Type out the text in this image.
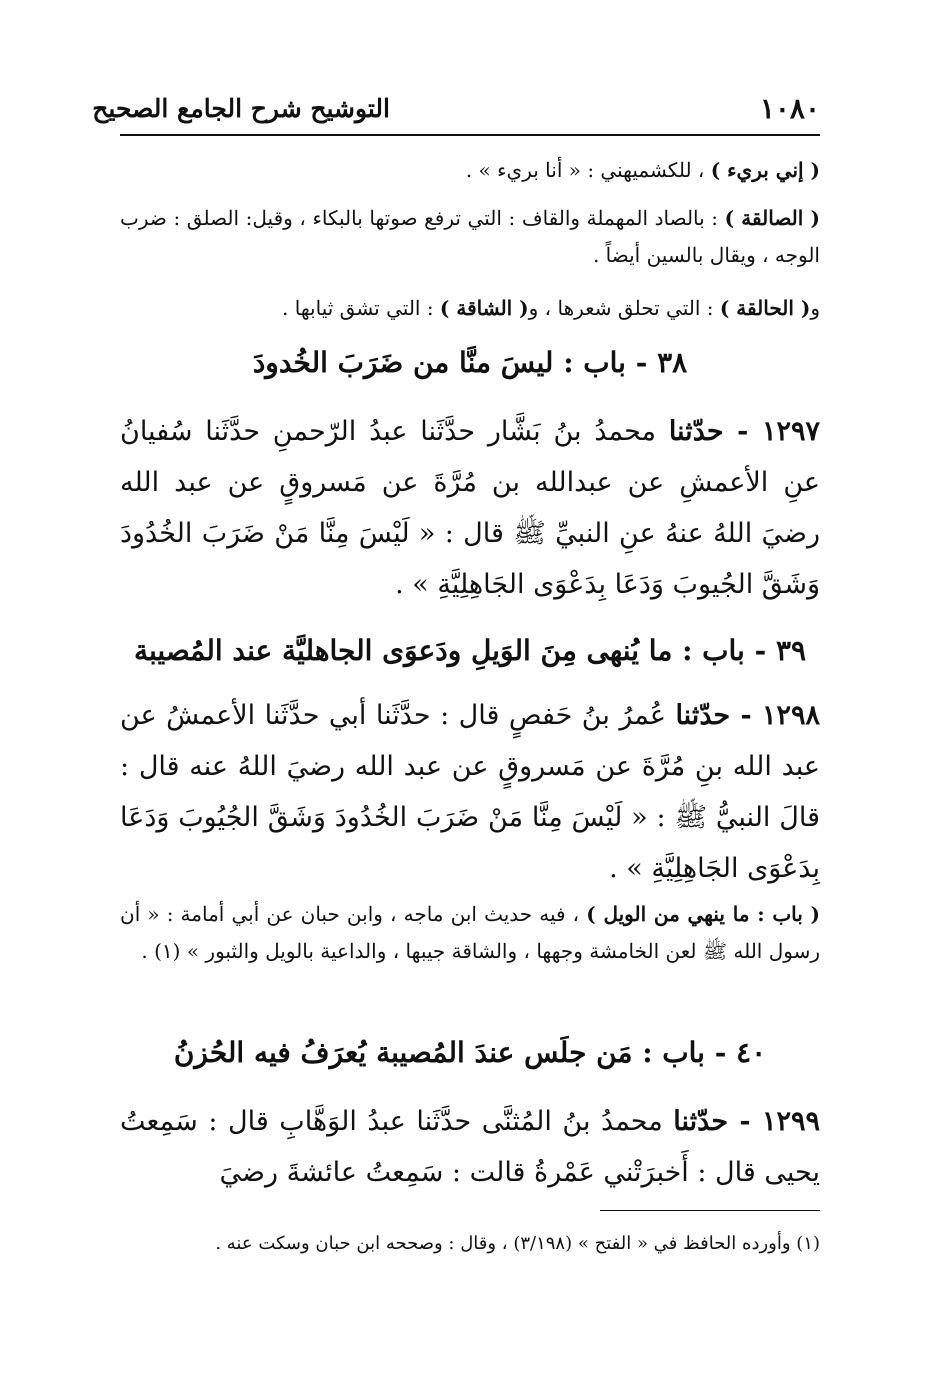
١٠٨٠
التوشيح شرح الجامع الصحيح

( إني بريء ) ، للكشميهني : « أنا بريء » .

( الصالقة ) : بالصاد المهملة والقاف : التي ترفع صوتها بالبكاء ، وقيل: الصلق : ضرب الوجه ، ويقال بالسين أيضاً .

و( الحالقة ) : التي تحلق شعرها ، و( الشاقة ) : التي تشق ثيابها .

٣٨ - باب : ليسَ منَّا من ضَرَبَ الخُدودَ

١٢٩٧ - حدّثنا محمدُ بنُ بَشَّار حدَّثَنا عبدُ الرّحمنِ حدَّثَنا سُفيانُ عنِ الأعمشِ عن عبدالله بن مُرَّةَ عن مَسروقٍ عن عبد الله رضيَ اللهُ عنهُ عنِ النبيِّ ﷺ قال : « لَيْسَ مِنَّا مَنْ ضَرَبَ الخُدُودَ وَشَقَّ الجُيوبَ وَدَعَا بِدَعْوَى الجَاهِلِيَّةِ » .

٣٩ - باب : ما يُنهى مِنَ الوَيلِ ودَعوَى الجاهليَّة عند المُصيبة

١٢٩٨ - حدّثنا عُمرُ بنُ حَفصٍ قال : حدَّثَنا أبي حدَّثَنا الأعمشُ عن عبد الله بنِ مُرَّةَ عن مَسروقٍ عن عبد الله رضيَ اللهُ عنه قال : قالَ النبيُّ ﷺ : « لَيْسَ مِنَّا مَنْ ضَرَبَ الخُدُودَ وَشَقَّ الجُيُوبَ وَدَعَا بِدَعْوَى الجَاهِلِيَّةِ » .

( باب : ما ينهي من الويل ) ، فيه حديث ابن ماجه ، وابن حبان عن أبي أمامة : « أن رسول الله ﷺ لعن الخامشة وجهها ، والشاقة جيبها ، والداعية بالويل والثبور » (١) .

٤٠ - باب : مَن جلَس عندَ المُصيبة يُعرَفُ فيه الحُزنُ

١٢٩٩ - حدّثنا محمدُ بنُ المُثنَّى حدَّثَنا عبدُ الوَهَّابِ قال : سَمِعتُ يحيى قال : أَخبرَتْني عَمْرةُ قالت : سَمِعتُ عائشةَ رضيَ

(١) وأورده الحافظ في « الفتح » (٣/١٩٨) ، وقال : وصححه ابن حبان وسكت عنه .
